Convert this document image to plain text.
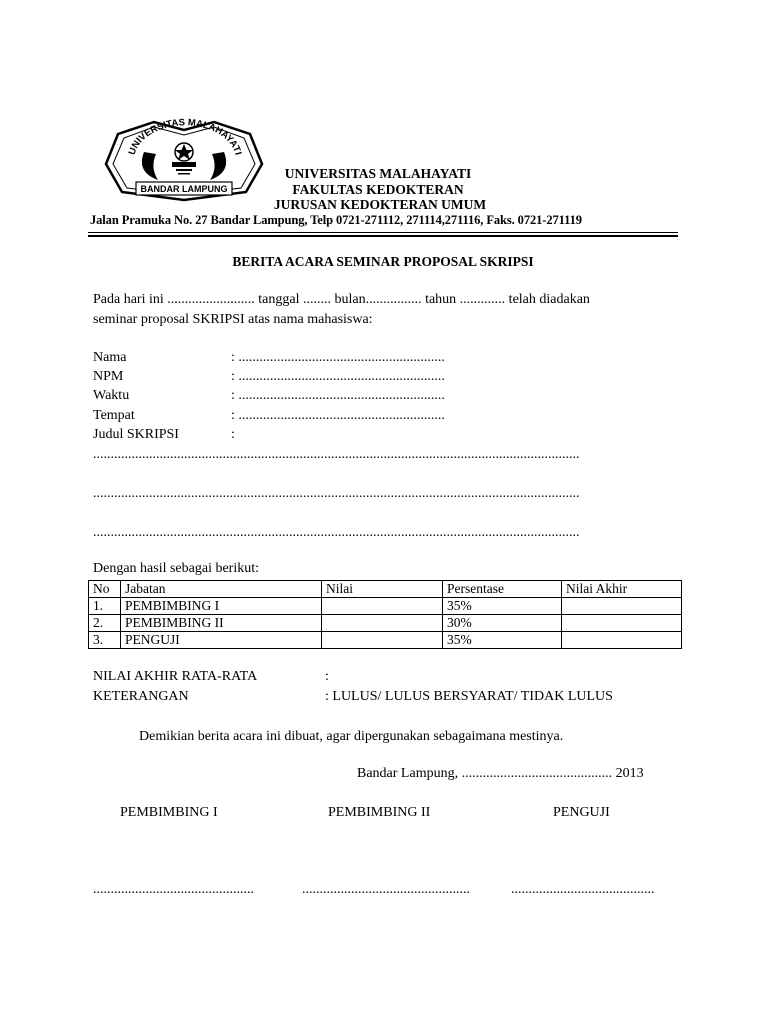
UNIVERSITAS MALAHAYATI
BANDAR LAMPUNG
UNIVERSITAS MALAHAYATI
FAKULTAS KEDOKTERAN
JURUSAN KEDOKTERAN UMUM
Jalan Pramuka No. 27 Bandar Lampung, Telp 0721-271112, 271114,271116, Faks. 0721-271119
BERITA ACARA SEMINAR PROPOSAL SKRIPSI
Pada hari ini ......................... tanggal ........ bulan................ tahun ............. telah diadakan
seminar proposal SKRIPSI atas nama mahasiswa:
Nama	: ...........................................................
NPM	: ...........................................................
Waktu	: ...........................................................
Tempat	: ...........................................................
Judul SKRIPSI	:
...........................................................................................................................................
...........................................................................................................................................
...........................................................................................................................................
Dengan hasil sebagai berikut:
No	Jabatan	Nilai	Persentase	Nilai Akhir
1.	PEMBIMBING I		35%	
2.	PEMBIMBING II		30%	
3.	PENGUJI		35%	
NILAI AKHIR RATA-RATA	:
KETERANGAN	: LULUS/ LULUS BERSYARAT/ TIDAK LULUS
Demikian berita acara ini dibuat, agar dipergunakan sebagaimana mestinya.
Bandar Lampung, ........................................... 2013
PEMBIMBING I	PEMBIMBING II	PENGUJI
..............................................	................................................	.........................................
